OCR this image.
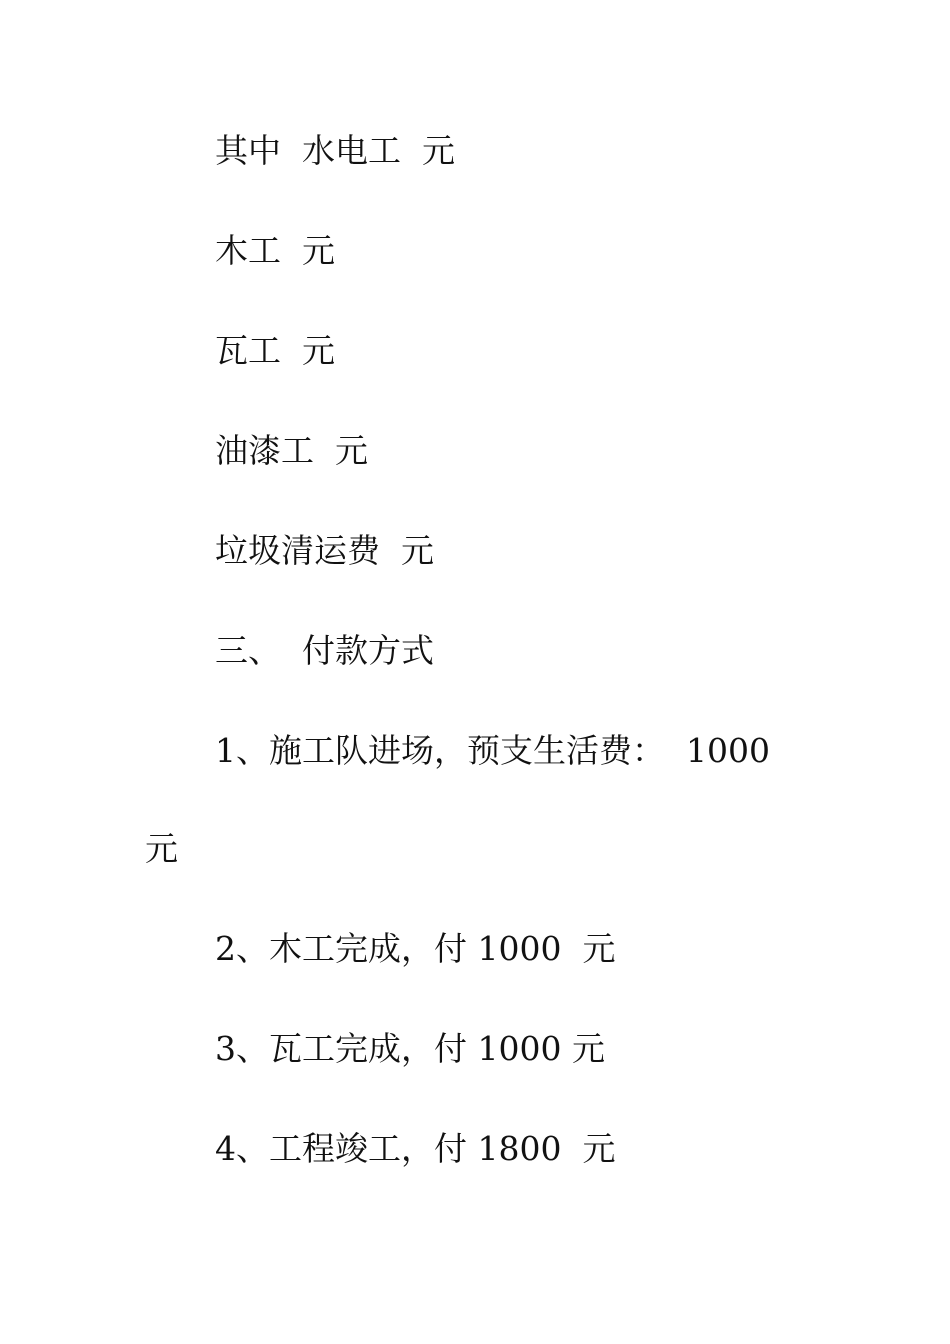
其中  水电工  元

木工  元

瓦工  元

油漆工  元

垃圾清运费  元

三、  付款方式

1、施工队进场，预支生活费：  1000

元

2、木工完成，付 1000  元

3、瓦工完成，付 1000 元

4、工程竣工，付 1800  元
